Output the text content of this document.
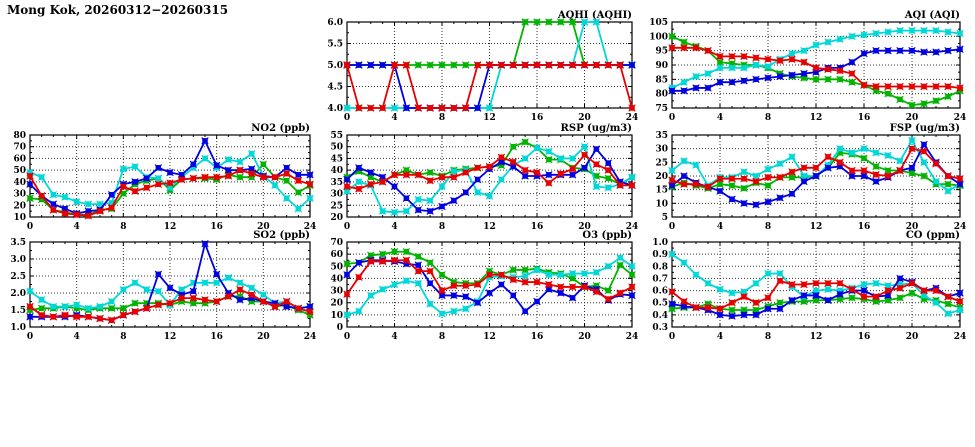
Mong Kok, 20260312−20260315
0	4	8	12	16	20	24
4.0
4.5
5.0
5.5
6.0
AQHI (AQHI)
0	4	8	12	16	20	24
75
80
85
90
95
100
105
AQI (AQI)
0	4	8	12	16	20	24
10
20
30
40
50
60
70
80
NO2 (ppb)
0	4	8	12	16	20	24
20
25
30
35
40
45
50
55
RSP (ug/m3)
0	4	8	12	16	20	24
5
10
15
20
25
30
35
FSP (ug/m3)
0	4	8	12	16	20	24
1.0
1.5
2.0
2.5
3.0
3.5
SO2 (ppb)
0	4	8	12	16	20	24
0
10
20
30
40
50
60
70
O3 (ppb)
0	4	8	12	16	20	24
0.3
0.4
0.5
0.6
0.7
0.8
0.9
1.0
CO (ppm)
